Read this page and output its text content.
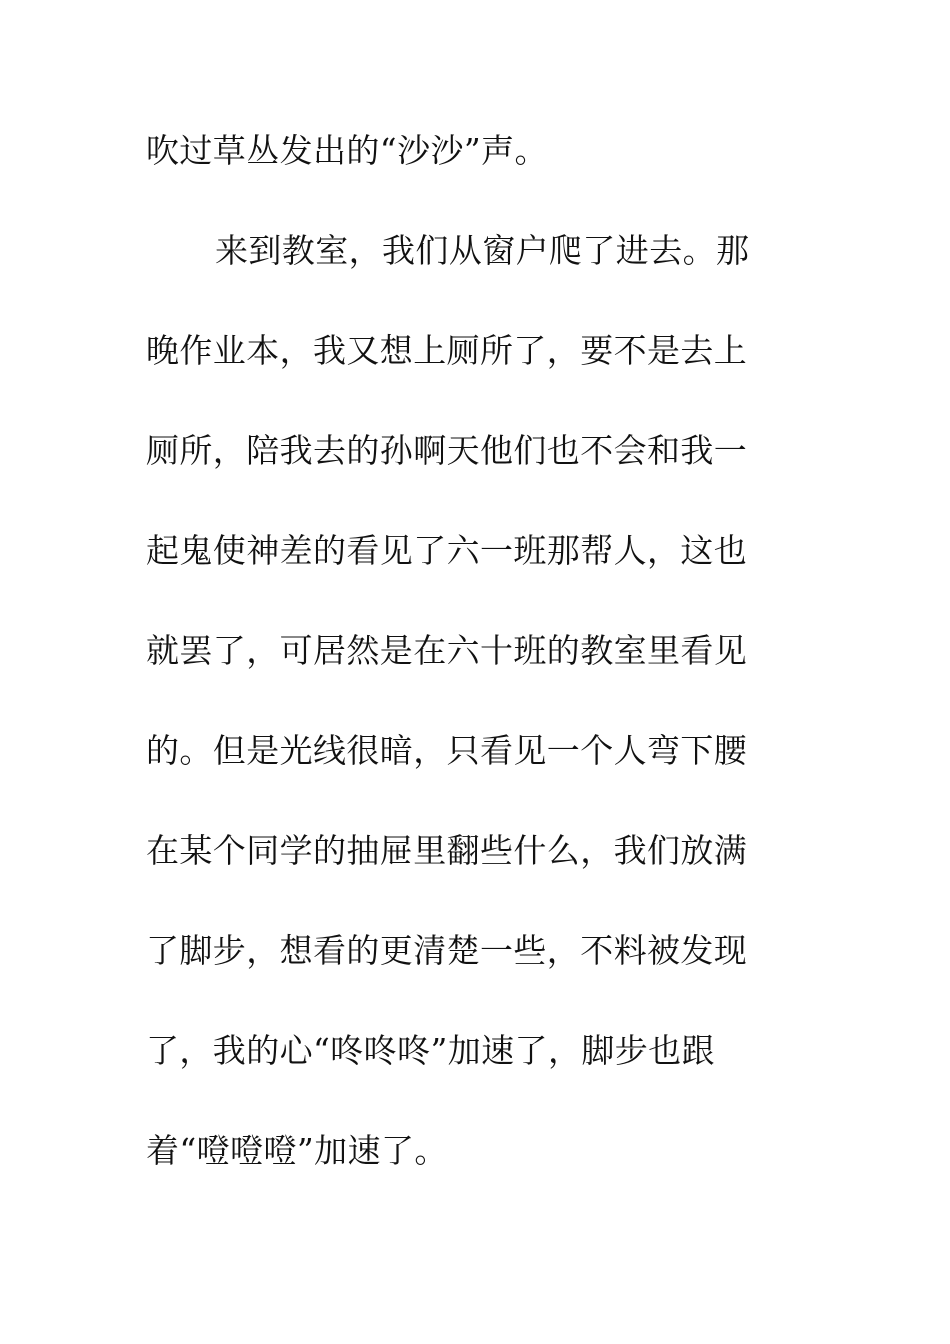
吹过草丛发出的“沙沙”声。
来到教室，我们从窗户爬了进去。那
晚作业本，我又想上厕所了，要不是去上
厕所，陪我去的孙啊天他们也不会和我一
起鬼使神差的看见了六一班那帮人，这也
就罢了，可居然是在六十班的教室里看见
的。但是光线很暗，只看见一个人弯下腰
在某个同学的抽屉里翻些什么，我们放满
了脚步，想看的更清楚一些，不料被发现
了，我的心“咚咚咚”加速了，脚步也跟
着“噔噔噔”加速了。
